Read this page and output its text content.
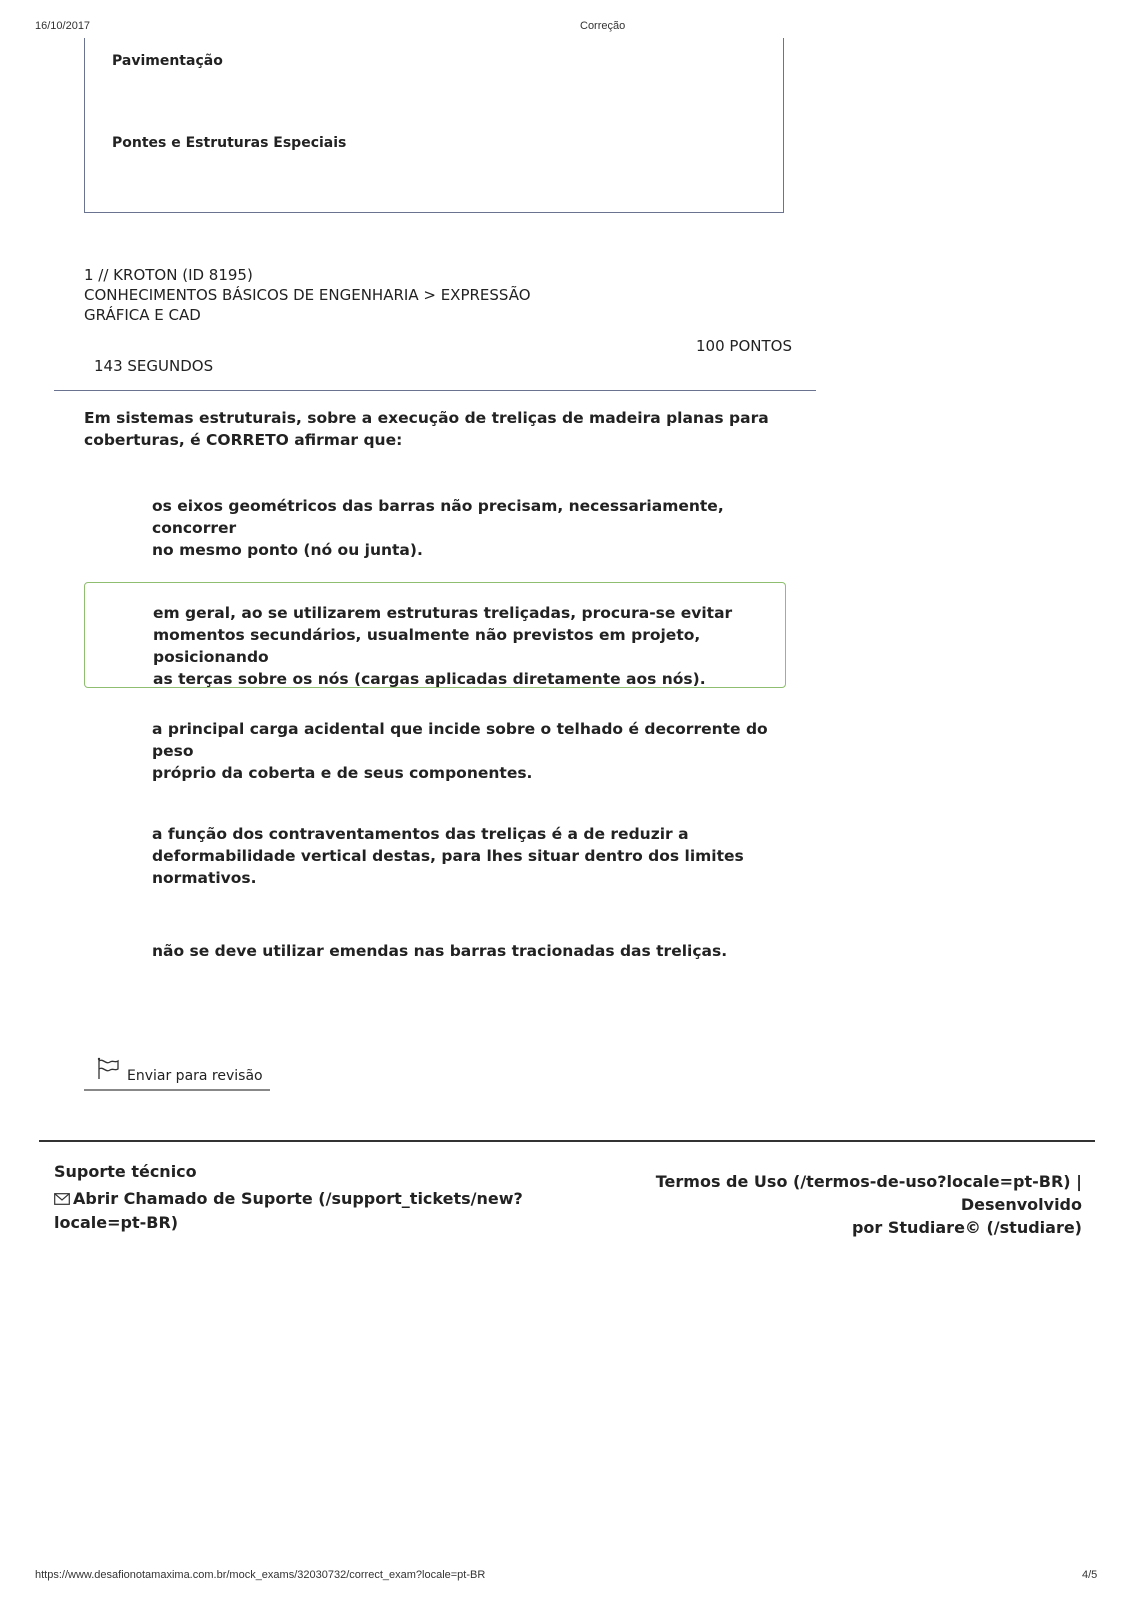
16/10/2017	Correção
Pavimentação
Pontes e Estruturas Especiais
1 // KROTON (ID 8195)
CONHECIMENTOS BÁSICOS DE ENGENHARIA > EXPRESSÃO
GRÁFICA E CAD
100 PONTOS
143 SEGUNDOS
Em sistemas estruturais, sobre a execução de treliças de madeira planas para
coberturas, é CORRETO afirmar que:
os eixos geométricos das barras não precisam, necessariamente, concorrer
no mesmo ponto (nó ou junta).
em geral, ao se utilizarem estruturas treliçadas, procura-se evitar
momentos secundários, usualmente não previstos em projeto, posicionando
as terças sobre os nós (cargas aplicadas diretamente aos nós).
a principal carga acidental que incide sobre o telhado é decorrente do peso
próprio da coberta e de seus componentes.
a função dos contraventamentos das treliças é a de reduzir a
deformabilidade vertical destas, para lhes situar dentro dos limites
normativos.
não se deve utilizar emendas nas barras tracionadas das treliças.
Enviar para revisão
Suporte técnico
Abrir Chamado de Suporte (/support_tickets/new?
locale=pt-BR)
Termos de Uso (/termos-de-uso?locale=pt-BR) | Desenvolvido
por Studiare© (/studiare)
https://www.desafionotamaxima.com.br/mock_exams/32030732/correct_exam?locale=pt-BR	4/5
